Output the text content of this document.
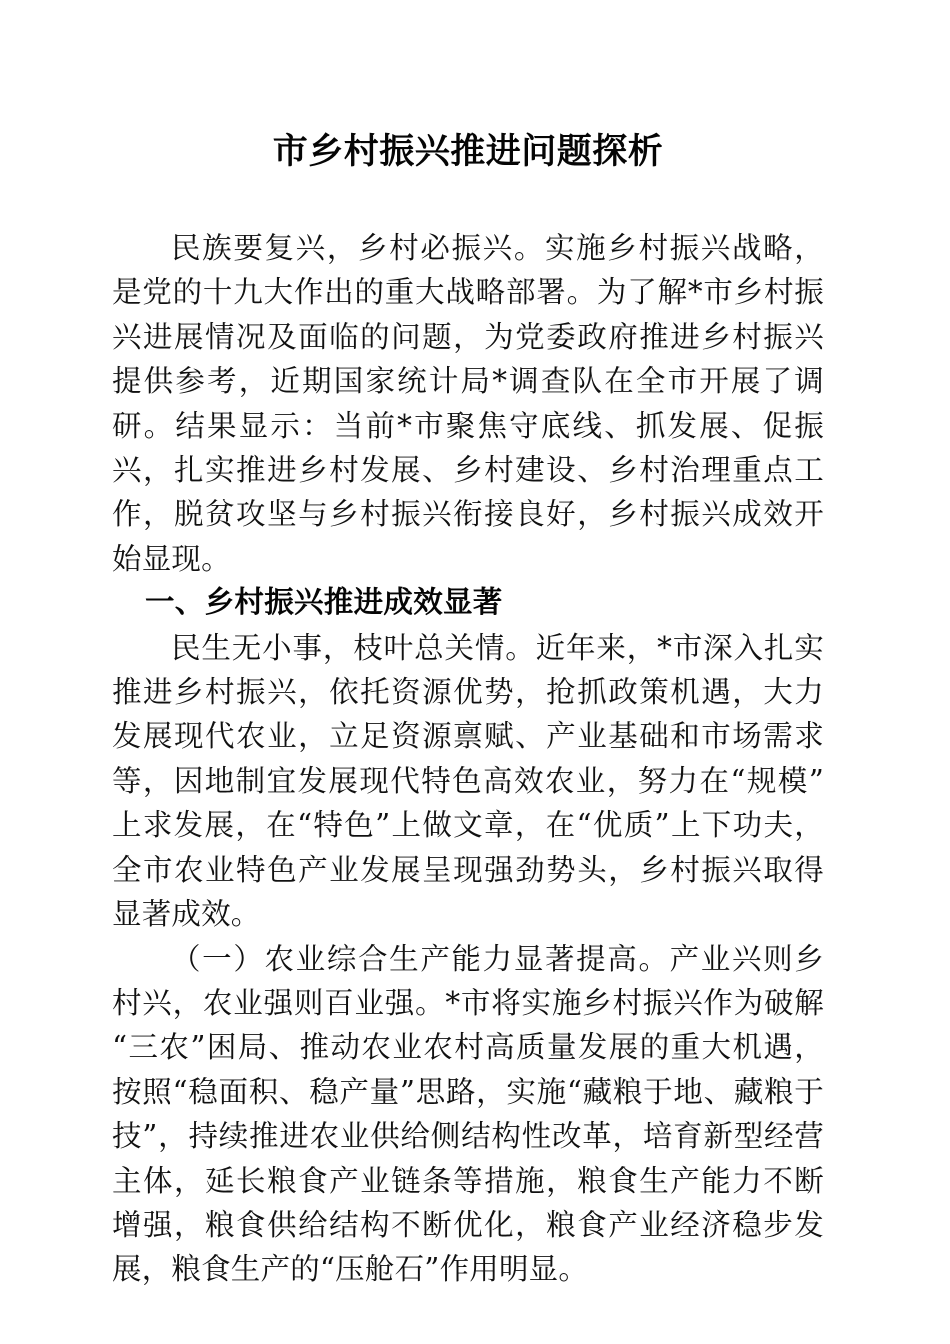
市乡村振兴推进问题探析

民族要复兴，乡村必振兴。实施乡村振兴战略，是党的十九大作出的重大战略部署。为了解*市乡村振兴进展情况及面临的问题，为党委政府推进乡村振兴提供参考，近期国家统计局*调查队在全市开展了调研。结果显示：当前*市聚焦守底线、抓发展、促振兴，扎实推进乡村发展、乡村建设、乡村治理重点工作，脱贫攻坚与乡村振兴衔接良好，乡村振兴成效开始显现。

一、乡村振兴推进成效显著

民生无小事，枝叶总关情。近年来，*市深入扎实推进乡村振兴，依托资源优势，抢抓政策机遇，大力发展现代农业，立足资源禀赋、产业基础和市场需求等，因地制宜发展现代特色高效农业，努力在“规模”上求发展，在“特色”上做文章，在“优质”上下功夫，全市农业特色产业发展呈现强劲势头，乡村振兴取得显著成效。

（一）农业综合生产能力显著提高。产业兴则乡村兴，农业强则百业强。*市将实施乡村振兴作为破解“三农”困局、推动农业农村高质量发展的重大机遇，按照“稳面积、稳产量”思路，实施“藏粮于地、藏粮于技”，持续推进农业供给侧结构性改革，培育新型经营主体，延长粮食产业链条等措施，粮食生产能力不断增强，粮食供给结构不断优化，粮食产业经济稳步发展，粮食生产的“压舱石”作用明显。
